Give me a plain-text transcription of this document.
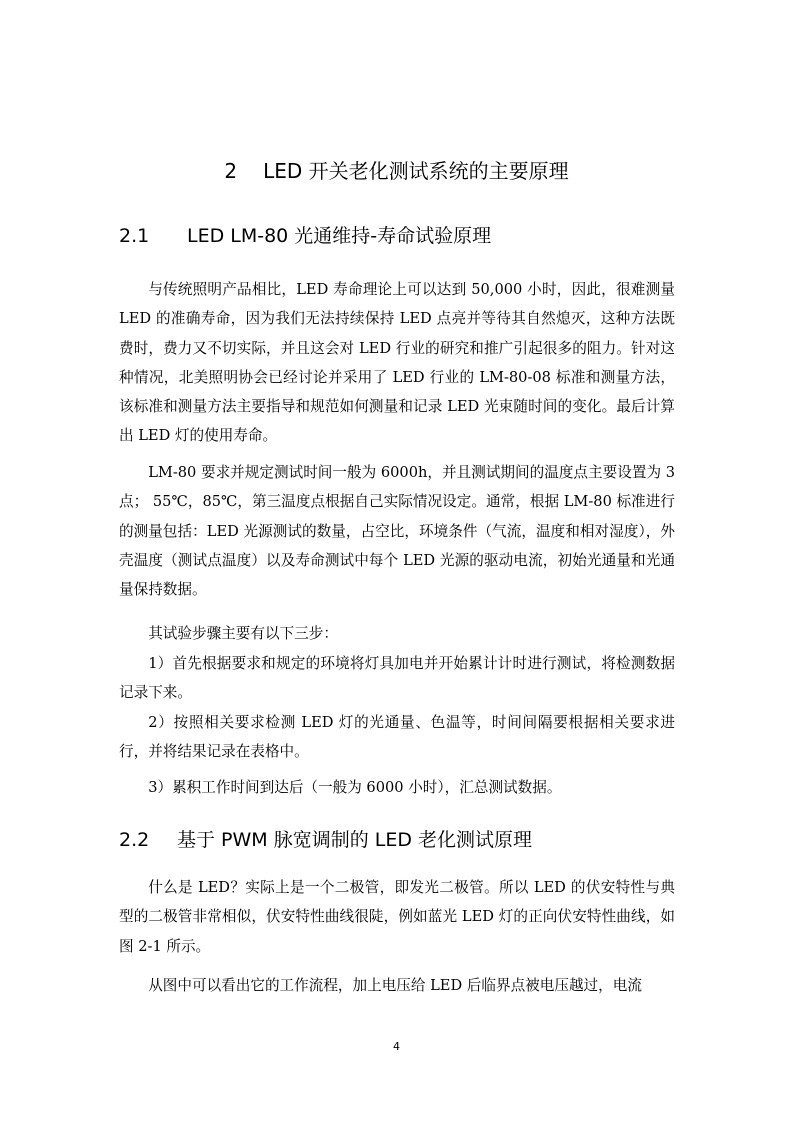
2 LED 开关老化测试系统的主要原理
2.1 LED LM-80 光通维持-寿命试验原理

与传统照明产品相比，LED 寿命理论上可以达到 50,000 小时，因此，很难测量 LED 的准确寿命，因为我们无法持续保持 LED 点亮并等待其自然熄灭，这种方法既费时，费力又不切实际，并且这会对 LED 行业的研究和推广引起很多的阻力。针对这种情况，北美照明协会已经讨论并采用了 LED 行业的 LM-80-08 标准和测量方法，该标准和测量方法主要指导和规范如何测量和记录 LED 光束随时间的变化。最后计算出 LED 灯的使用寿命。

LM-80 要求并规定测试时间一般为 6000h，并且测试期间的温度点主要设置为 3 点； 55℃，85℃，第三温度点根据自己实际情况设定。通常，根据 LM-80 标准进行的测量包括：LED 光源测试的数量，占空比，环境条件（气流，温度和相对湿度），外壳温度（测试点温度）以及寿命测试中每个 LED 光源的驱动电流，初始光通量和光通量保持数据。

其试验步骤主要有以下三步：

1）首先根据要求和规定的环境将灯具加电并开始累计计时进行测试，将检测数据记录下来。

2）按照相关要求检测 LED 灯的光通量、色温等，时间间隔要根据相关要求进行，并将结果记录在表格中。

3）累积工作时间到达后（一般为 6000 小时），汇总测试数据。

2.2 基于 PWM 脉宽调制的 LED 老化测试原理

什么是 LED？实际上是一个二极管，即发光二极管。所以 LED 的伏安特性与典型的二极管非常相似，伏安特性曲线很陡，例如蓝光 LED 灯的正向伏安特性曲线，如图 2-1 所示。

从图中可以看出它的工作流程，加上电压给 LED 后临界点被电压越过，电流

4
